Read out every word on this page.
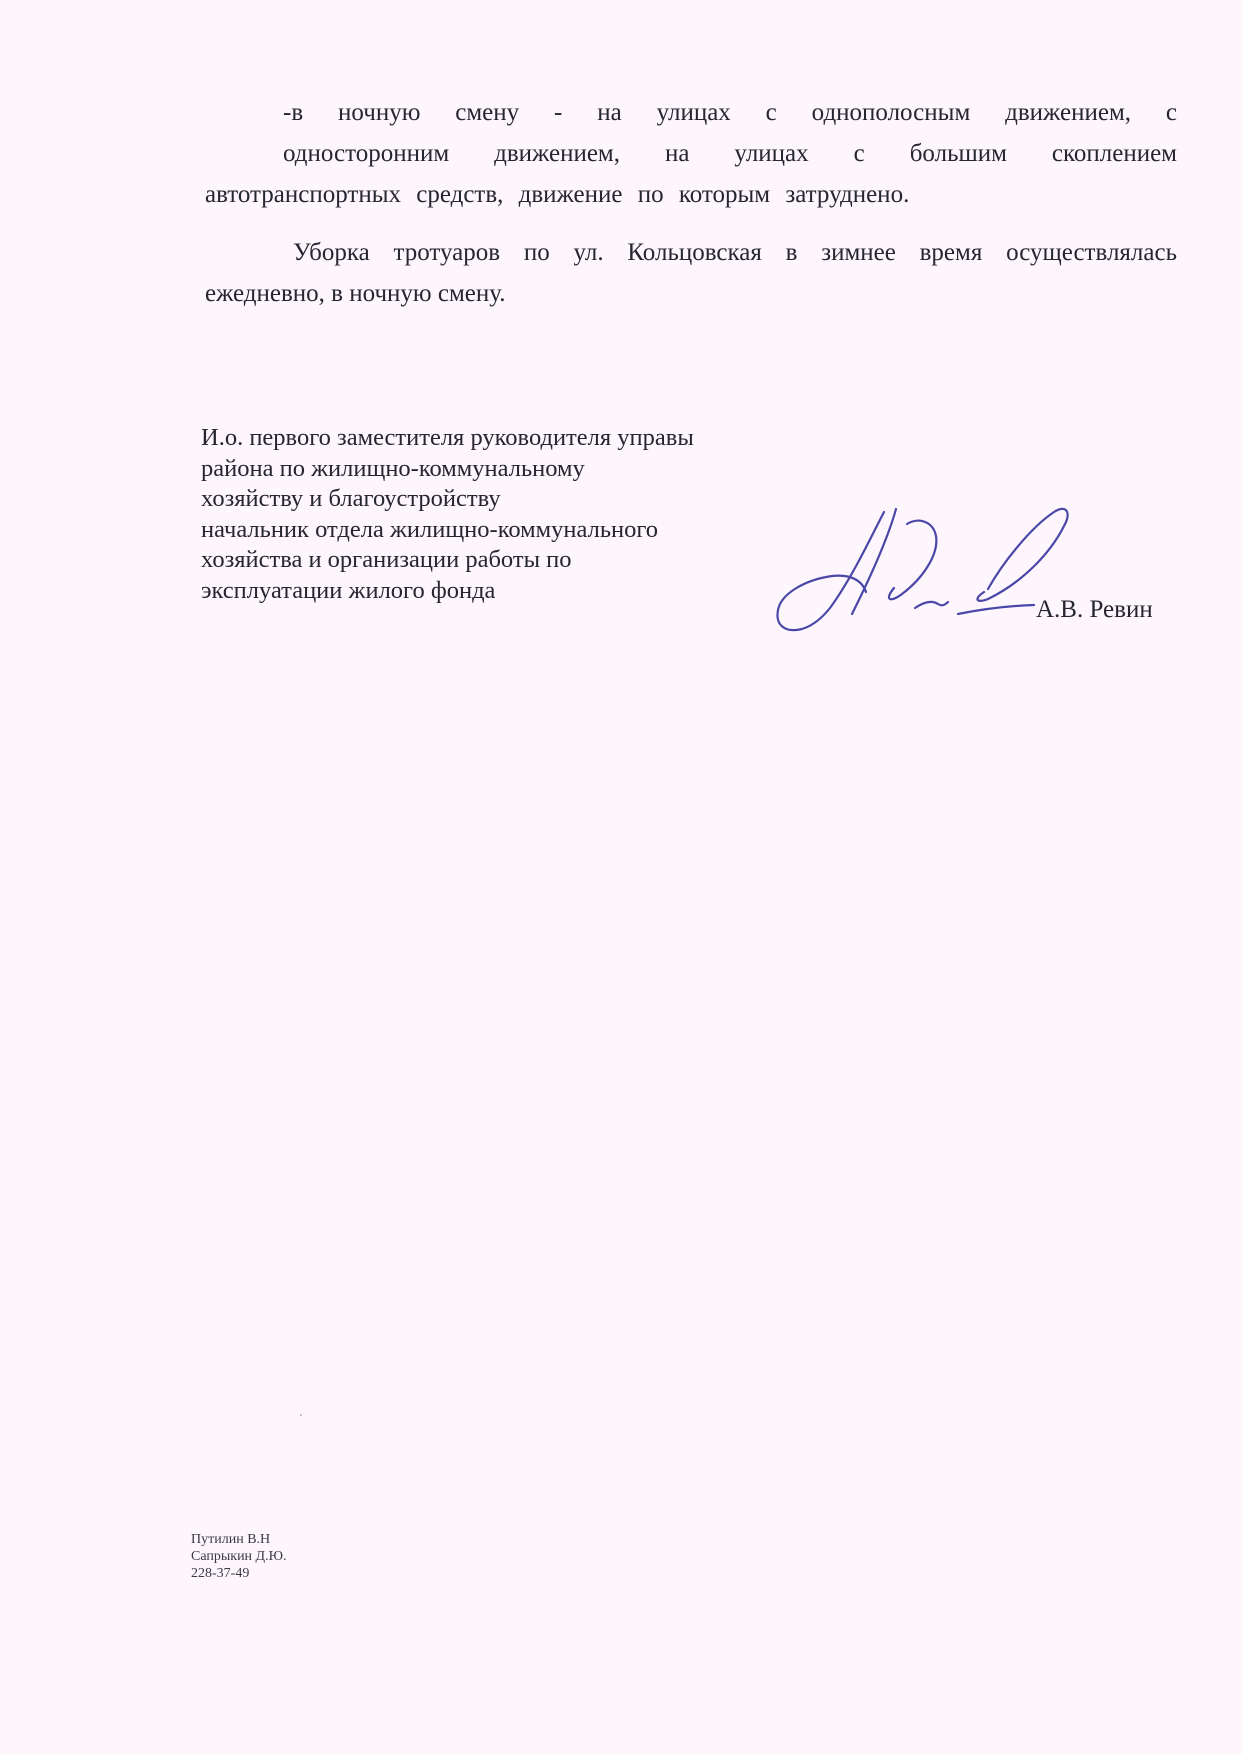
-в ночную смену - на улицах с однополосным движением, с
односторонним движением, на улицах с большим скоплением
автотранспортных средств, движение по которым затруднено.
Уборка тротуаров по ул. Кольцовская в зимнее время осуществлялась
ежедневно, в ночную смену.
И.о. первого заместителя руководителя управы
района по жилищно-коммунальному
хозяйству и благоустройству
начальник отдела жилищно-коммунального
хозяйства и организации работы по
эксплуатации жилого фонда
А.В. Ревин
Путилин В.Н
Сапрыкин Д.Ю.
228-37-49
